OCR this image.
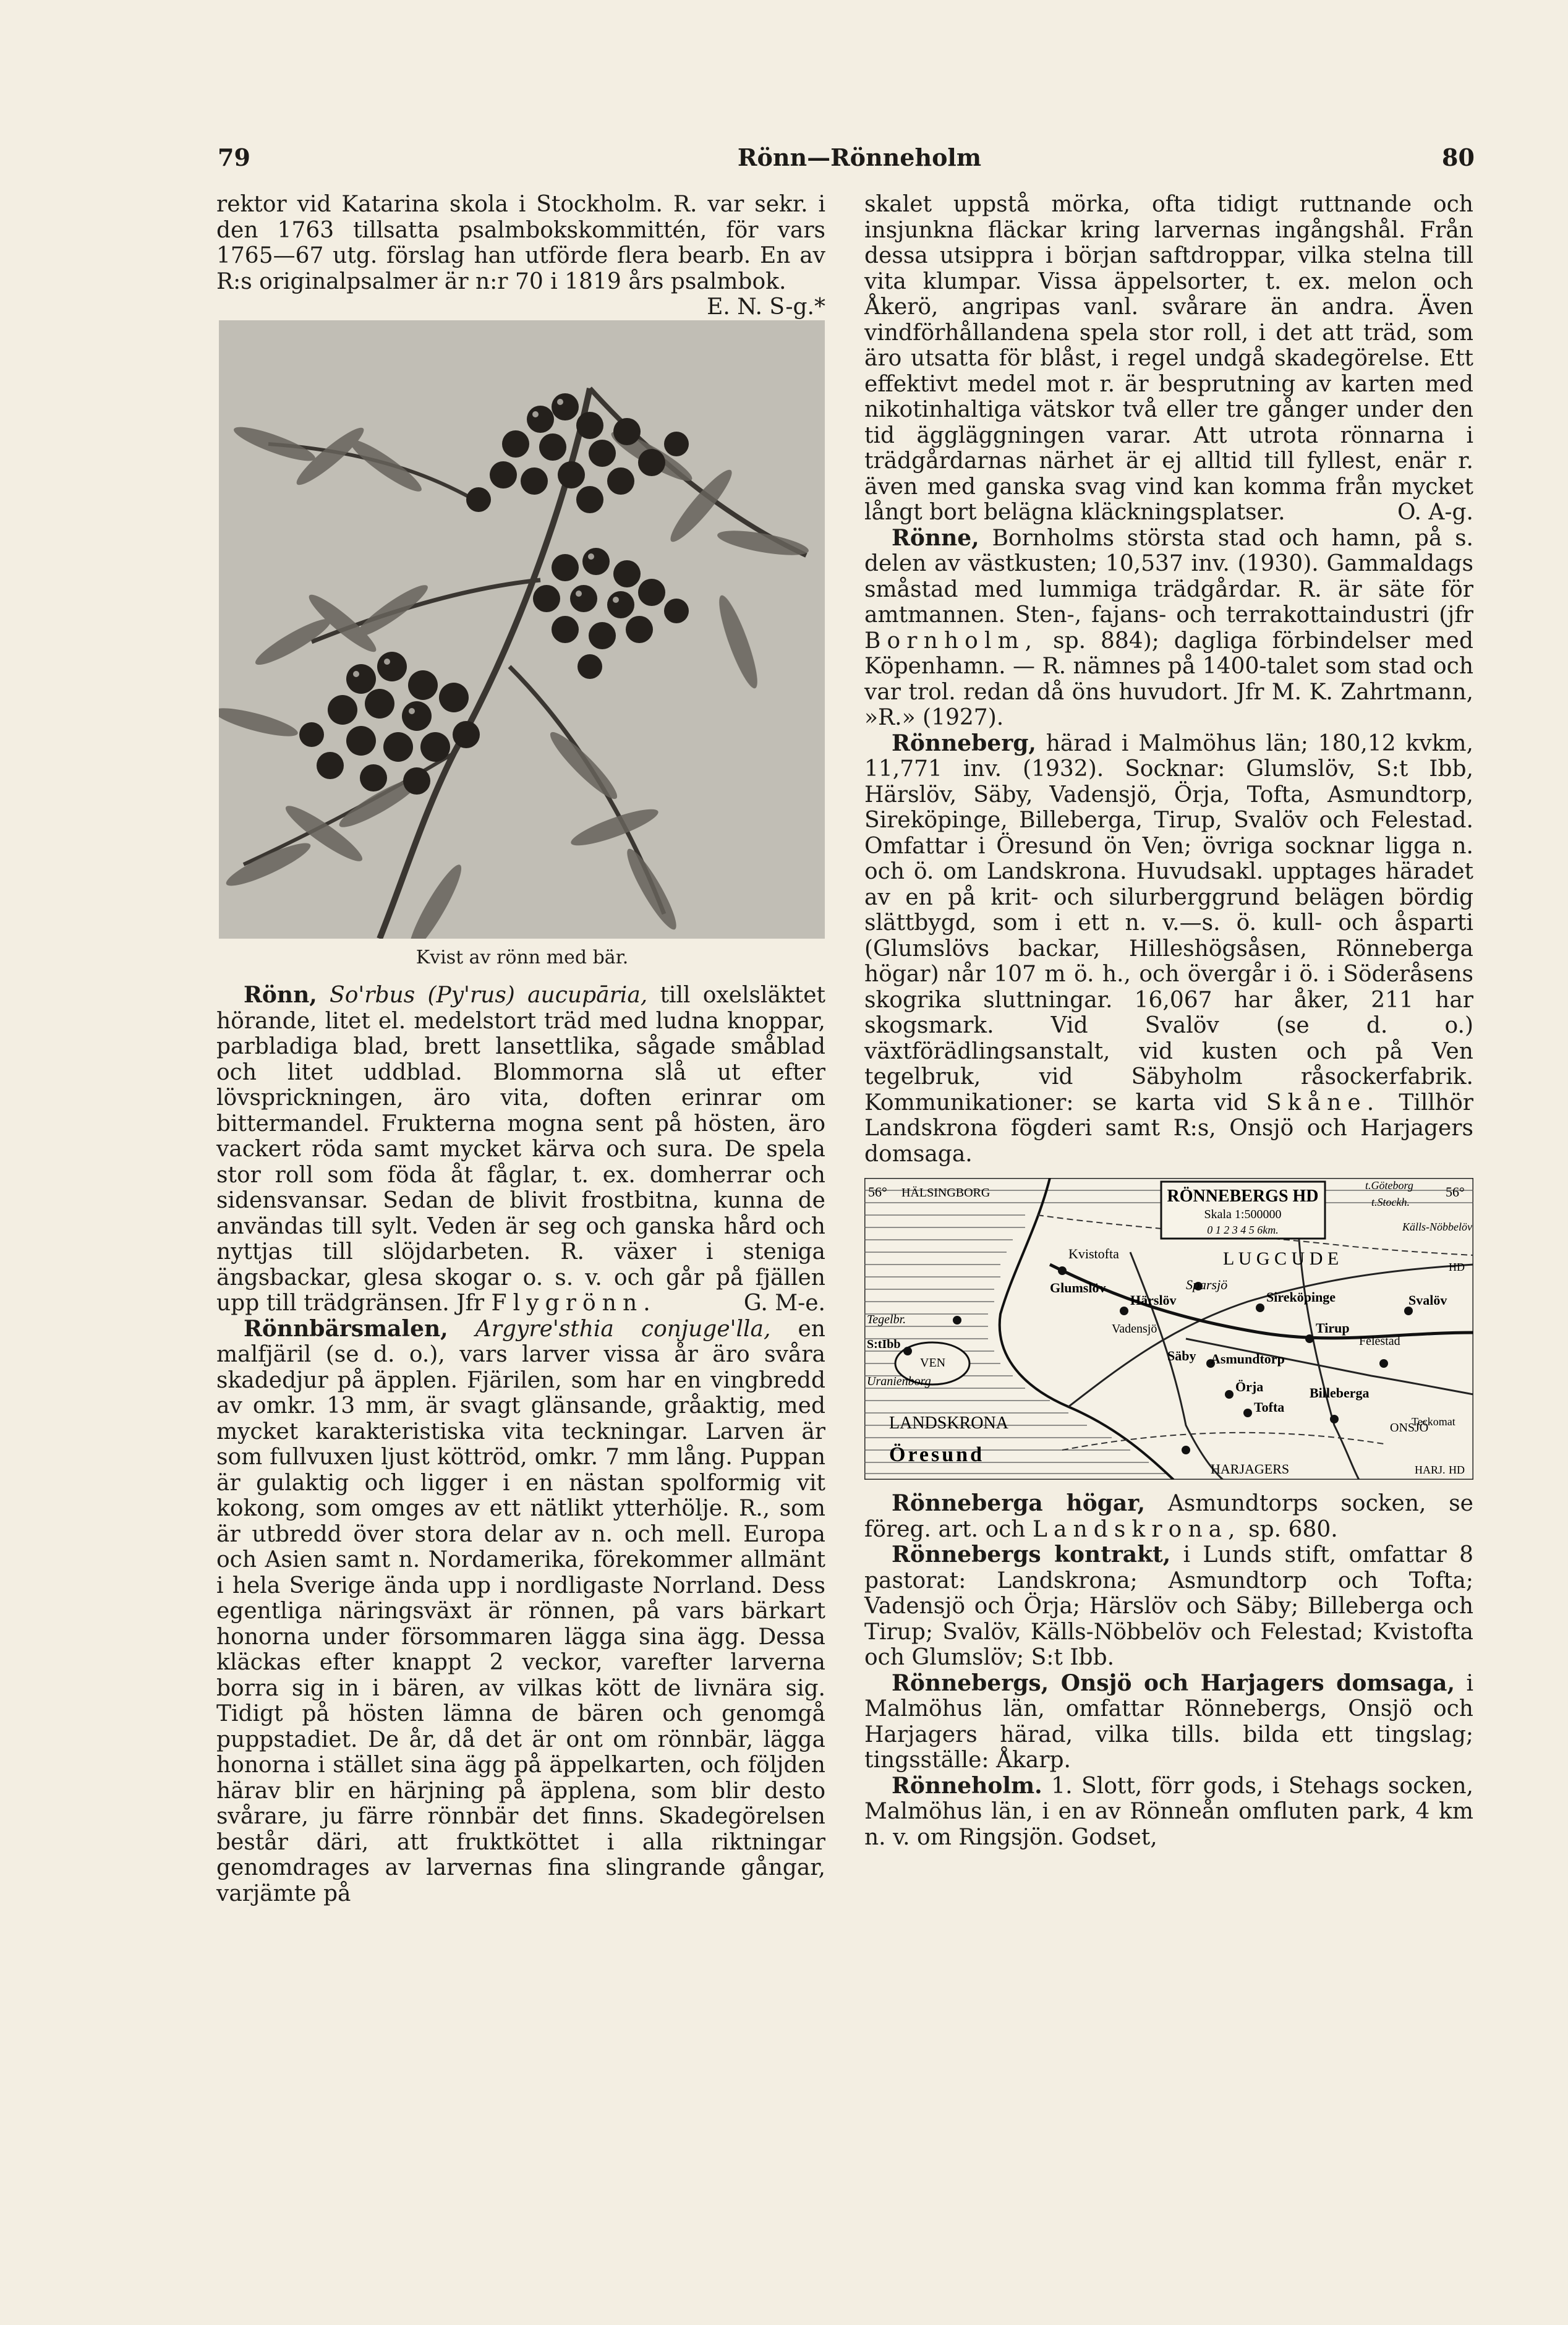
79	Rönn—Rönneholm	80

rektor vid Katarina skola i Stockholm. R. var sekr. i den 1763 tillsatta psalmbokskommittén, för vars 1765—67 utg. förslag han utförde flera bearb. En av R:s originalpsalmer är n:r 70 i 1819 års psalmbok.
E. N. S-g.*

Kvist av rönn med bär.

Rönn, So'rbus (Py'rus) aucupāria, till oxelsläktet hörande, litet el. medelstort träd med ludna knoppar, parbladiga blad, brett lansettlika, sågade småblad och litet uddblad. Blommorna slå ut efter lövsprickningen, äro vita, doften erinrar om bittermandel. Frukterna mogna sent på hösten, äro vackert röda samt mycket kärva och sura. De spela stor roll som föda åt fåglar, t. ex. domherrar och sidensvansar. Sedan de blivit frostbitna, kunna de användas till sylt. Veden är seg och ganska hård och nyttjas till slöjdarbeten. R. växer i steniga ängsbackar, glesa skogar o. s. v. och går på fjällen upp till trädgränsen. Jfr Flygrönn.	G. M-e.

Rönnbärsmalen, Argyre'sthia conjuge'lla, en malfjäril (se d. o.), vars larver vissa år äro svåra skadedjur på äpplen. Fjärilen, som har en vingbredd av omkr. 13 mm, är svagt glänsande, gråaktig, med mycket karakteristiska vita teckningar. Larven är som fullvuxen ljust köttröd, omkr. 7 mm lång. Puppan är gulaktig och ligger i en nästan spolformig vit kokong, som omges av ett nätlikt ytterhölje. R., som är utbredd över stora delar av n. och mell. Europa och Asien samt n. Nordamerika, förekommer allmänt i hela Sverige ända upp i nordligaste Norrland. Dess egentliga näringsväxt är rönnen, på vars bärkart honorna under försommaren lägga sina ägg. Dessa kläckas efter knappt 2 veckor, varefter larverna borra sig in i bären, av vilkas kött de livnära sig. Tidigt på hösten lämna de bären och genomgå puppstadiet. De år, då det är ont om rönnbär, lägga honorna i stället sina ägg på äppelkarten, och följden härav blir en härjning på äpplena, som blir desto svårare, ju färre rönnbär det finns. Skadegörelsen består däri, att fruktköttet i alla riktningar genomdrages av larvernas fina slingrande gångar, varjämte på

skalet uppstå mörka, ofta tidigt ruttnande och insjunkna fläckar kring larvernas ingångshål. Från dessa utsippra i början saftdroppar, vilka stelna till vita klumpar. Vissa äppelsorter, t. ex. melon och Åkerö, angripas vanl. svårare än andra. Även vindförhållandena spela stor roll, i det att träd, som äro utsatta för blåst, i regel undgå skadegörelse. Ett effektivt medel mot r. är besprutning av karten med nikotinhaltiga vätskor två eller tre gånger under den tid äggläggningen varar. Att utrota rönnarna i trädgårdarnas närhet är ej alltid till fyllest, enär r. även med ganska svag vind kan komma från mycket långt bort belägna kläckningsplatser.	O. A-g.

Rönne, Bornholms största stad och hamn, på s. delen av västkusten; 10,537 inv. (1930). Gammaldags småstad med lummiga trädgårdar. R. är säte för amtmannen. Sten-, fajans- och terrakottaindustri (jfr Bornholm, sp. 884); dagliga förbindelser med Köpenhamn. — R. nämnes på 1400-talet som stad och var trol. redan då öns huvudort. Jfr M. K. Zahrtmann, »R.» (1927).

Rönneberg, härad i Malmöhus län; 180,12 kvkm, 11,771 inv. (1932). Socknar: Glumslöv, S:t Ibb, Härslöv, Säby, Vadensjö, Örja, Tofta, Asmundtorp, Sireköpinge, Billeberga, Tirup, Svalöv och Felestad. Omfattar i Öresund ön Ven; övriga socknar ligga n. och ö. om Landskrona. Huvudsakl. upptages häradet av en på krit- och silurberggrund belägen bördig slättbygd, som i ett n. v.—s. ö. kull- och åsparti (Glumslövs backar, Hilleshögsåsen, Rönneberga högar) når 107 m ö. h., och övergår i ö. i Söderåsens skogrika sluttningar. 16,067 har åker, 211 har skogsmark. Vid Svalöv (se d. o.) växtförädlingsanstalt, vid kusten och på Ven tegelbruk, vid Säbyholm råsockerfabrik. Kommunikationer: se karta vid Skåne. Tillhör Landskrona fögderi samt R:s, Onsjö och Harjagers domsaga.

RÖNNEBERGS HD
Skala 1:500000
0 1 2 3 4 5 6km.
56°	56°
HÄLSINGBORG
t.Göteborg
t.Stockh.
L U G C U D E
Kvistofta
Glumslöv
Härslöv
Sparsjö
Sireköpinge	Svalöv
Vadensjö	Tirup
Felestad
Säby Asmundtorp
Örja
Tofta
Billeberga
LANDSKRONA
Öresund
VEN
HARJAGERS
ONSJÖ
Tegelbr.
Uranienborg
S:tIbb
Källs-Nöbbelöv
Teckomat
HARJ. HD
HD

Rönneberga högar, Asmundtorps socken, se föreg. art. och Landskrona, sp. 680.

Rönnebergs kontrakt, i Lunds stift, omfattar 8 pastorat: Landskrona; Asmundtorp och Tofta; Vadensjö och Örja; Härslöv och Säby; Billeberga och Tirup; Svalöv, Källs-Nöbbelöv och Felestad; Kvistofta och Glumslöv; S:t Ibb.

Rönnebergs, Onsjö och Harjagers domsaga, i Malmöhus län, omfattar Rönnebergs, Onsjö och Harjagers härad, vilka tills. bilda ett tingslag; tingsställe: Åkarp.

Rönneholm. 1. Slott, förr gods, i Stehags socken, Malmöhus län, i en av Rönneån omfluten park, 4 km n. v. om Ringsjön. Godset,
